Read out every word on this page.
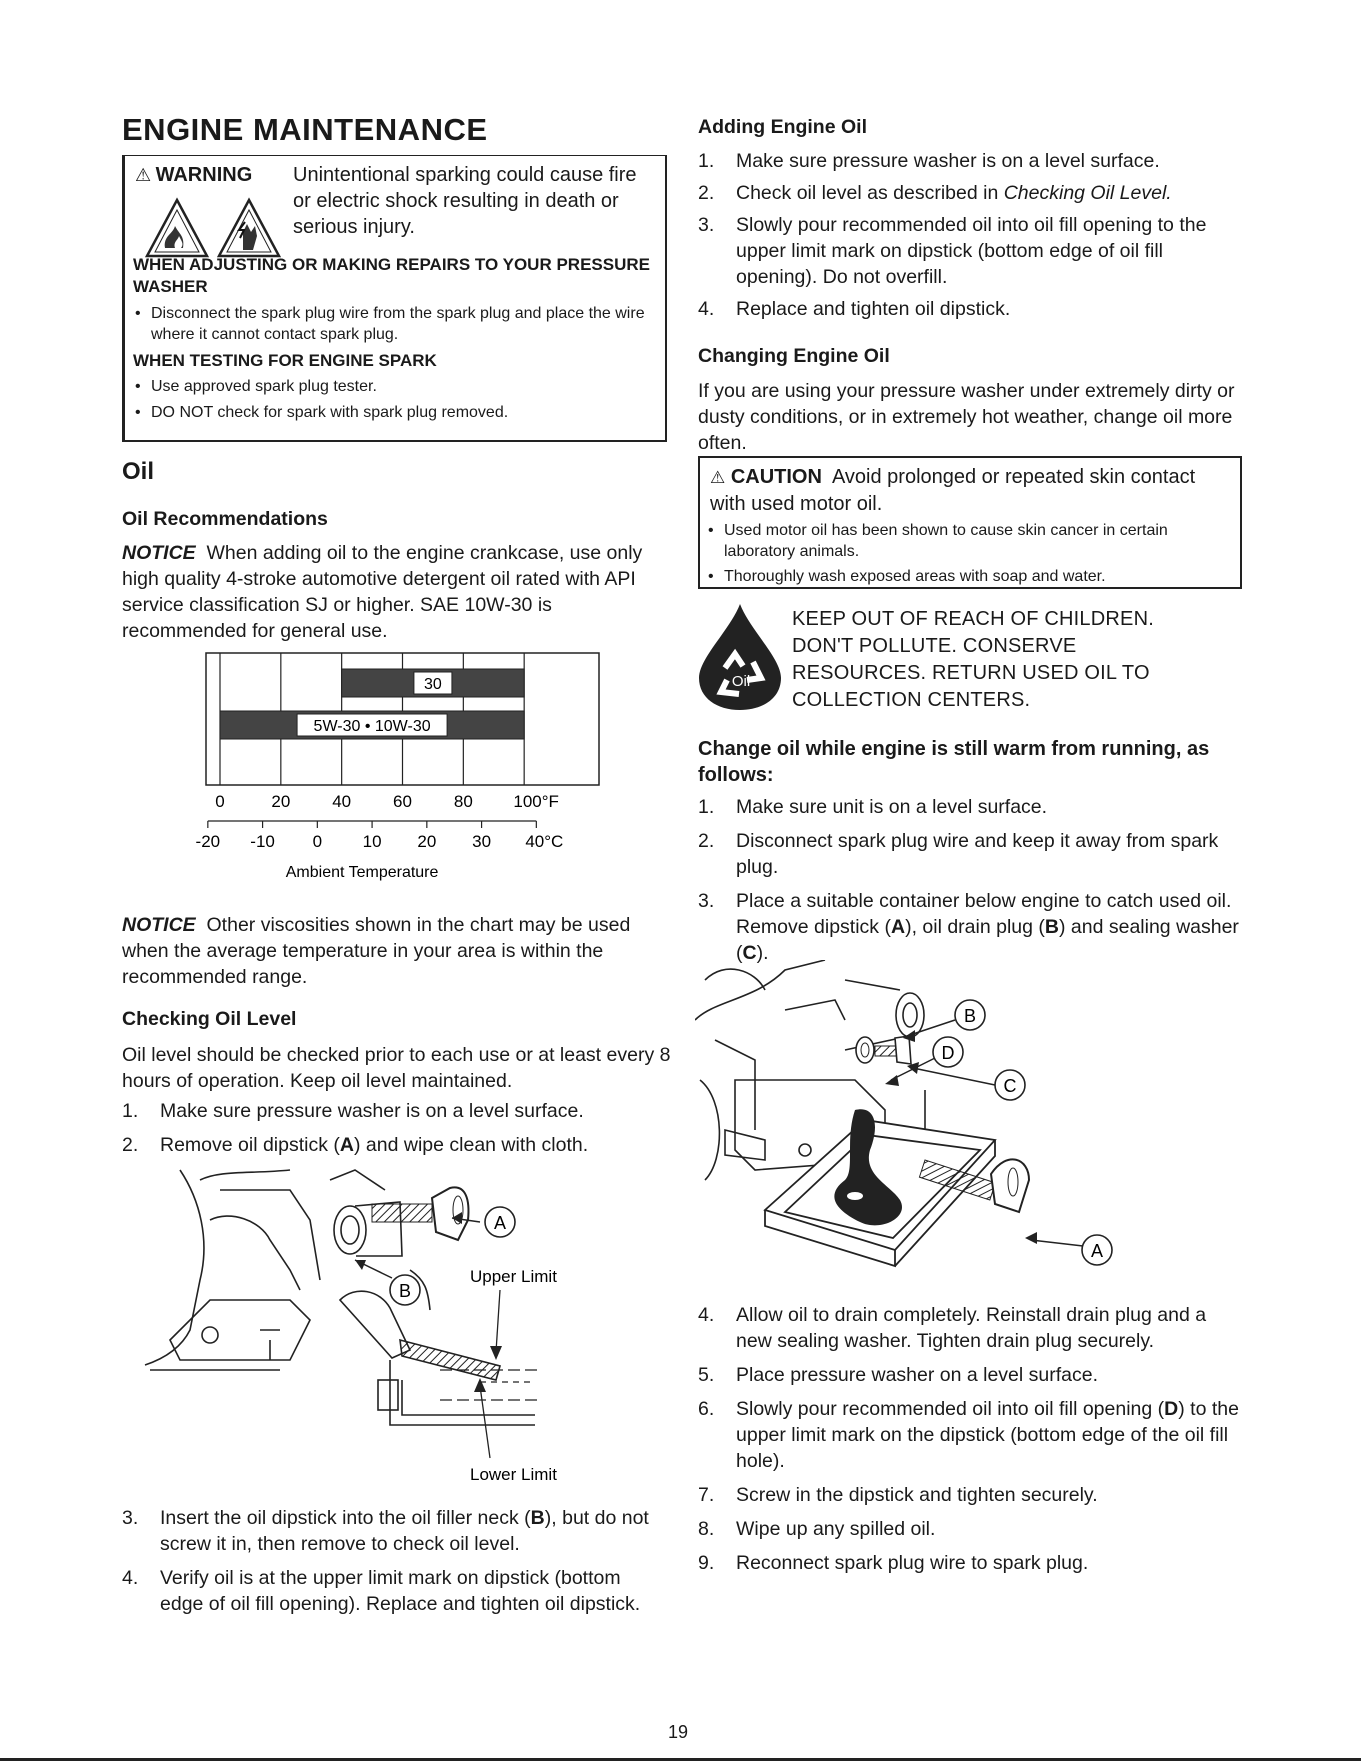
ENGINE MAINTENANCE
⚠ WARNING	Unintentional sparking could cause fire or electric shock resulting in death or serious injury.
WHEN ADJUSTING OR MAKING REPAIRS TO YOUR PRESSURE WASHER
• Disconnect the spark plug wire from the spark plug and place the wire where it cannot contact spark plug.
WHEN TESTING FOR ENGINE SPARK
• Use approved spark plug tester.
• DO NOT check for spark with spark plug removed.
Oil
Oil Recommendations
NOTICE When adding oil to the engine crankcase, use only high quality 4-stroke automotive detergent oil rated with API service classification SJ or higher. SAE 10W-30 is recommended for general use.
30
5W-30 • 10W-30
0	20 40 60 80 100°F
-20 -10 0 10 20 30 40°C
Ambient Temperature
NOTICE Other viscosities shown in the chart may be used when the average temperature in your area is within the recommended range.
Checking Oil Level
Oil level should be checked prior to each use or at least every 8 hours of operation. Keep oil level maintained.
1. Make sure pressure washer is on a level surface.
2. Remove oil dipstick (A) and wipe clean with cloth.
A
B
Upper Limit
Lower Limit
3. Insert the oil dipstick into the oil filler neck (B), but do not screw it in, then remove to check oil level.
4. Verify oil is at the upper limit mark on dipstick (bottom edge of oil fill opening). Replace and tighten oil dipstick.
Adding Engine Oil
1. Make sure pressure washer is on a level surface.
2. Check oil level as described in Checking Oil Level.
3. Slowly pour recommended oil into oil fill opening to the upper limit mark on dipstick (bottom edge of oil fill opening). Do not overfill.
4. Replace and tighten oil dipstick.
Changing Engine Oil
If you are using your pressure washer under extremely dirty or dusty conditions, or in extremely hot weather, change oil more often.
⚠ CAUTION Avoid prolonged or repeated skin contact with used motor oil.
• Used motor oil has been shown to cause skin cancer in certain laboratory animals.
• Thoroughly wash exposed areas with soap and water.
Oil
KEEP OUT OF REACH OF CHILDREN. DON'T POLLUTE. CONSERVE RESOURCES. RETURN USED OIL TO COLLECTION CENTERS.
Change oil while engine is still warm from running, as follows:
1. Make sure unit is on a level surface.
2. Disconnect spark plug wire and keep it away from spark plug.
3. Place a suitable container below engine to catch used oil. Remove dipstick (A), oil drain plug (B) and sealing washer (C).
B
D
C
A
4. Allow oil to drain completely. Reinstall drain plug and a new sealing washer. Tighten drain plug securely.
5. Place pressure washer on a level surface.
6. Slowly pour recommended oil into oil fill opening (D) to the upper limit mark on the dipstick (bottom edge of the oil fill hole).
7. Screw in the dipstick and tighten securely.
8. Wipe up any spilled oil.
9. Reconnect spark plug wire to spark plug.
19
